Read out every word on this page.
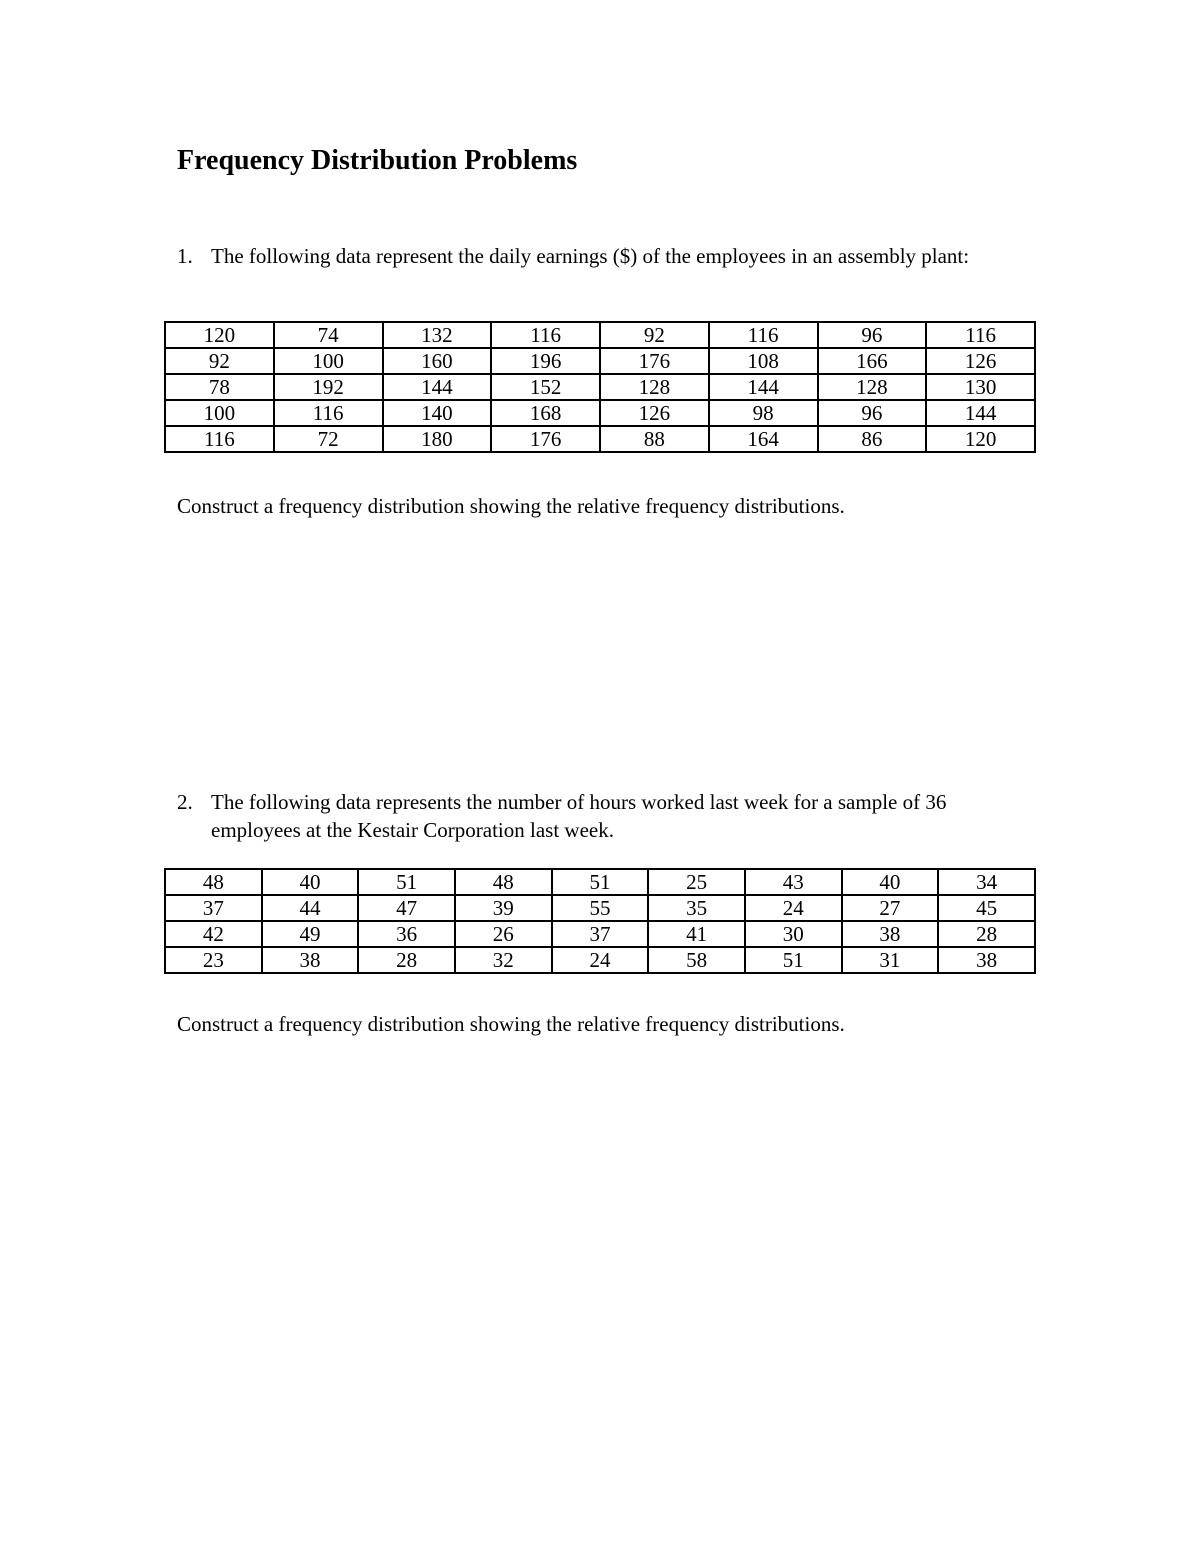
Frequency Distribution Problems
1. The following data represent the daily earnings ($) of the employees in an assembly plant:
120	74	132	116	92	116	96	116
92	100	160	196	176	108	166	126
78	192	144	152	128	144	128	130
100	116	140	168	126	98	96	144
116	72	180	176	88	164	86	120
Construct a frequency distribution showing the relative frequency distributions.
2. The following data represents the number of hours worked last week for a sample of 36 employees at the Kestair Corporation last week.
48	40	51	48	51	25	43	40	34
37	44	47	39	55	35	24	27	45
42	49	36	26	37	41	30	38	28
23	38	28	32	24	58	51	31	38
Construct a frequency distribution showing the relative frequency distributions.
